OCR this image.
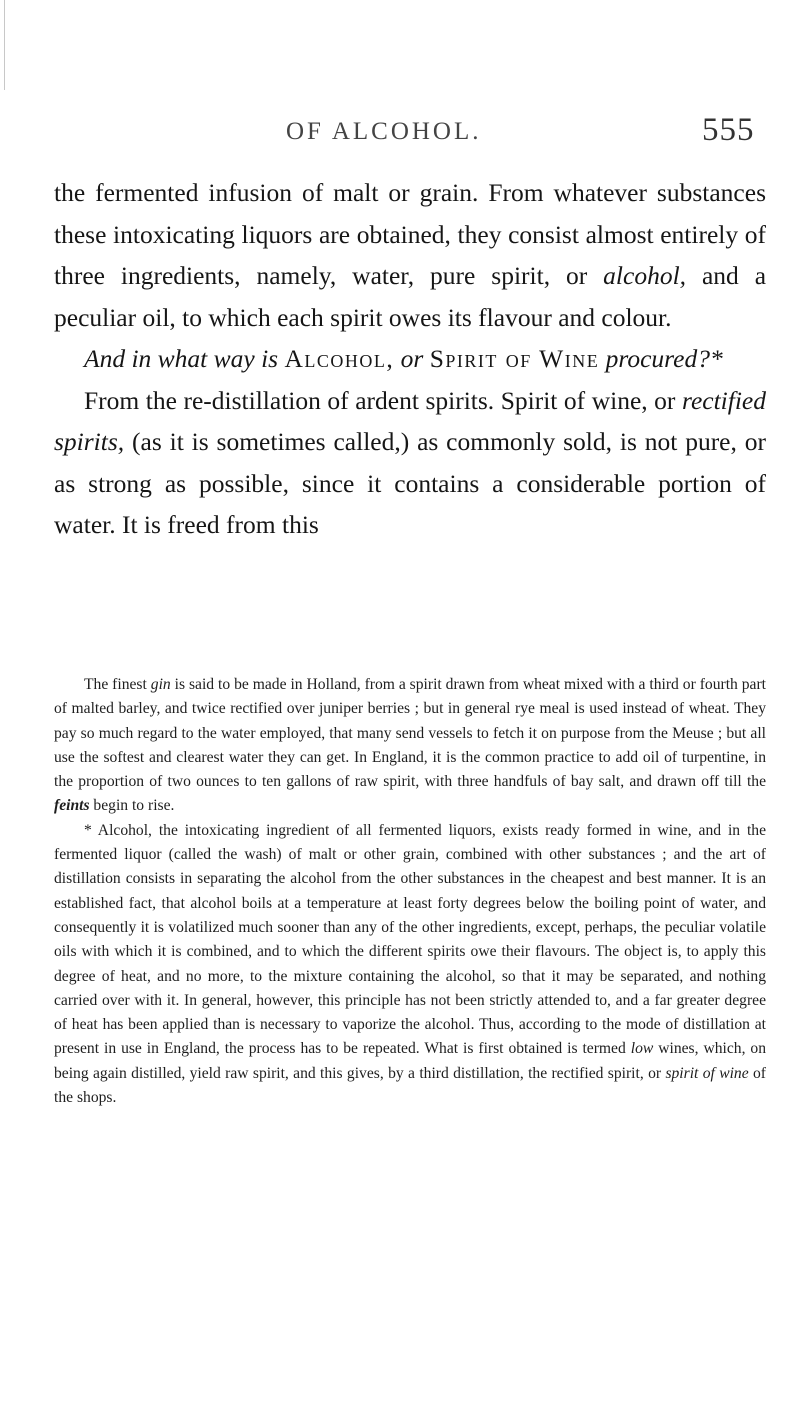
OF ALCOHOL.	555

the fermented infusion of malt or grain. From whatever substances these intoxicating liquors are obtained, they consist almost entirely of three ingredients, namely, water, pure spirit, or alcohol, and a peculiar oil, to which each spirit owes its flavour and colour.

And in what way is Alcohol, or Spirit of Wine procured?*

From the re-distillation of ardent spirits. Spirit of wine, or rectified spirits, (as it is sometimes called,) as commonly sold, is not pure, or as strong as possible, since it contains a considerable portion of water. It is freed from this

The finest gin is said to be made in Holland, from a spirit drawn from wheat mixed with a third or fourth part of malted barley, and twice rectified over juniper berries ; but in general rye meal is used instead of wheat. They pay so much regard to the water employed, that many send vessels to fetch it on purpose from the Meuse ; but all use the softest and clearest water they can get. In England, it is the common practice to add oil of turpentine, in the proportion of two ounces to ten gallons of raw spirit, with three handfuls of bay salt, and drawn off till the feints begin to rise.

* Alcohol, the intoxicating ingredient of all fermented liquors, exists ready formed in wine, and in the fermented liquor (called the wash) of malt or other grain, combined with other substances ; and the art of distillation consists in separating the alcohol from the other substances in the cheapest and best manner. It is an established fact, that alcohol boils at a temperature at least forty degrees below the boiling point of water, and consequently it is volatilized much sooner than any of the other ingredients, except, perhaps, the peculiar volatile oils with which it is combined, and to which the different spirits owe their flavours. The object is, to apply this degree of heat, and no more, to the mixture containing the alcohol, so that it may be separated, and nothing carried over with it. In general, however, this principle has not been strictly attended to, and a far greater degree of heat has been applied than is necessary to vaporize the alcohol. Thus, according to the mode of distillation at present in use in England, the process has to be repeated. What is first obtained is termed low wines, which, on being again distilled, yield raw spirit, and this gives, by a third distillation, the rectified spirit, or spirit of wine of the shops.
